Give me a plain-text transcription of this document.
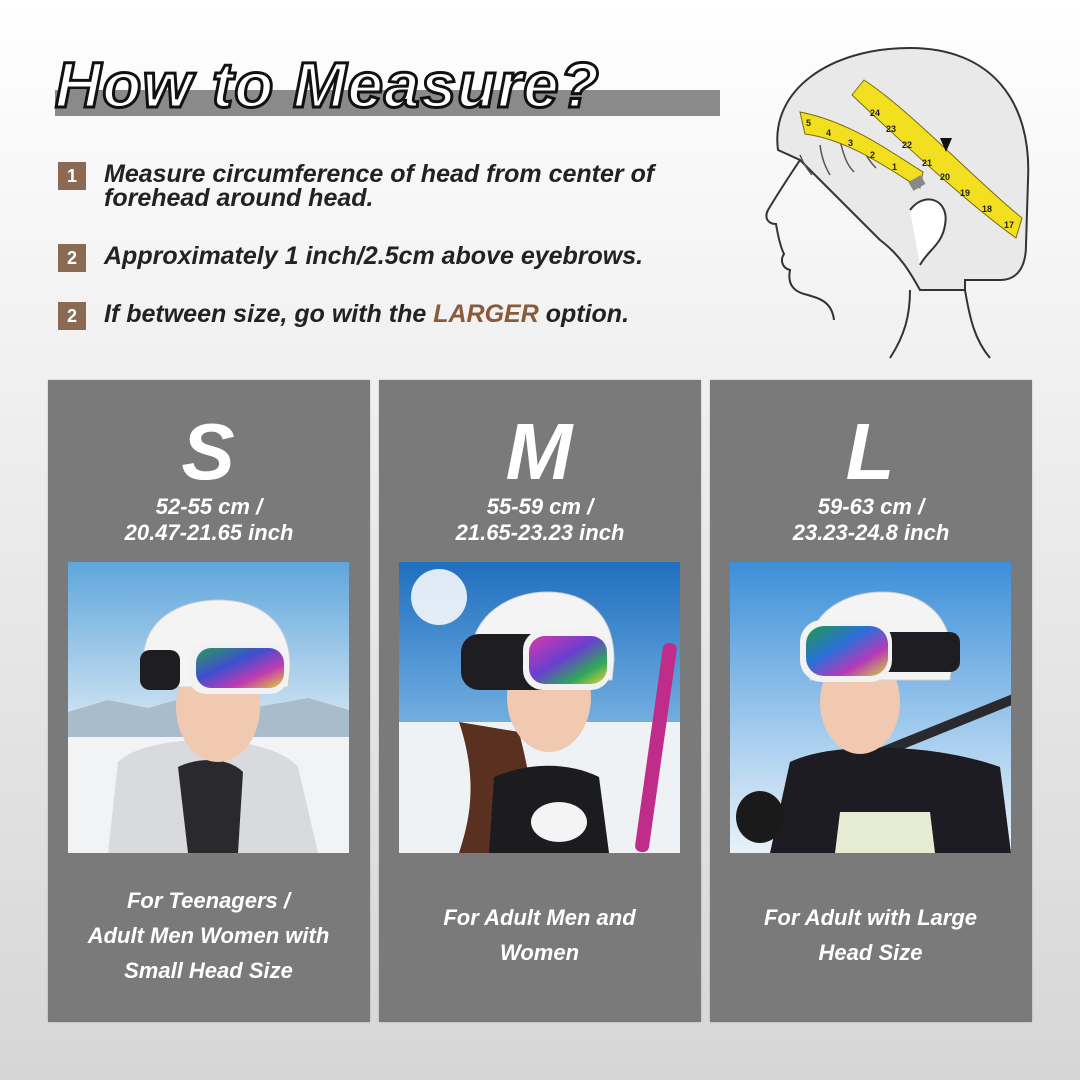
How to Measure?
1	Measure circumference of head from center of forehead around head.
2	Approximately 1 inch/2.5cm above eyebrows.
2	If between size, go with the LARGER option.
5
4
3
2
1
24
23
22
21
20
19
18
17
S
52-55 cm /
20.47-21.65 inch
For Teenagers /
Adult Men Women with
Small Head Size
M
55-59 cm /
21.65-23.23 inch
For Adult Men and
Women
L
59-63 cm /
23.23-24.8 inch
For Adult with Large
Head Size
